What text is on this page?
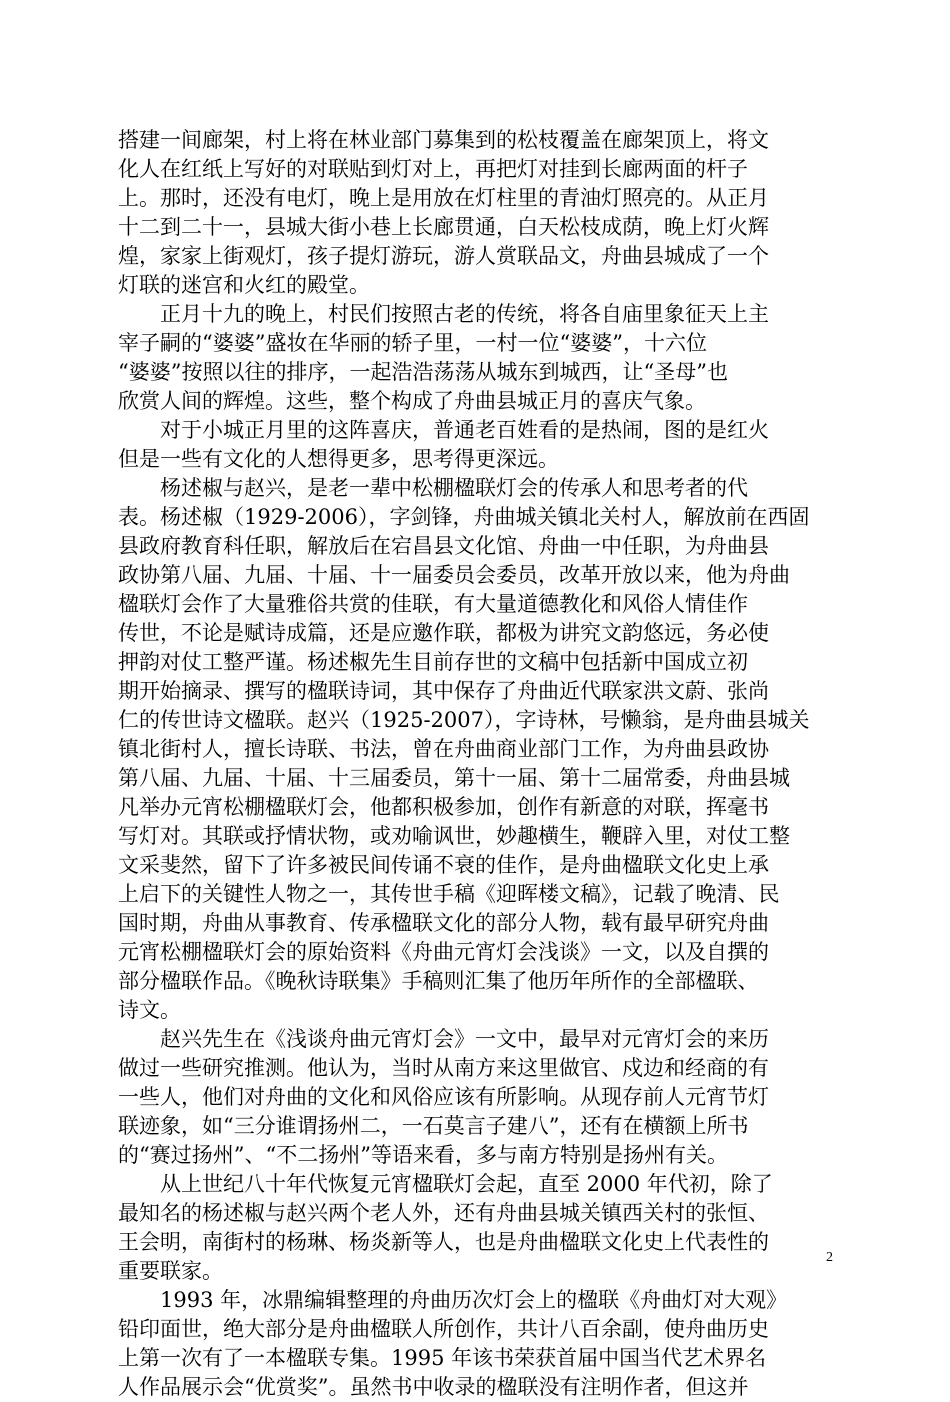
搭建一间廊架，村上将在林业部门募集到的松枝覆盖在廊架顶上，将文
化人在红纸上写好的对联贴到灯对上，再把灯对挂到长廊两面的杆子
上。那时，还没有电灯，晚上是用放在灯柱里的青油灯照亮的。从正月
十二到二十一，县城大街小巷上长廊贯通，白天松枝成荫，晚上灯火辉
煌，家家上街观灯，孩子提灯游玩，游人赏联品文，舟曲县城成了一个
灯联的迷宫和火红的殿堂。
　　正月十九的晚上，村民们按照古老的传统，将各自庙里象征天上主
宰子嗣的“婆婆”盛妆在华丽的轿子里，一村一位“婆婆”，十六位
“婆婆”按照以往的排序，一起浩浩荡荡从城东到城西，让“圣母”也
欣赏人间的辉煌。这些，整个构成了舟曲县城正月的喜庆气象。
　　对于小城正月里的这阵喜庆，普通老百姓看的是热闹，图的是红火
但是一些有文化的人想得更多，思考得更深远。
　　杨述椒与赵兴，是老一辈中松棚楹联灯会的传承人和思考者的代
表。杨述椒（1929-2006），字剑锋，舟曲城关镇北关村人，解放前在西固
县政府教育科任职，解放后在宕昌县文化馆、舟曲一中任职，为舟曲县
政协第八届、九届、十届、十一届委员会委员，改革开放以来，他为舟曲
楹联灯会作了大量雅俗共赏的佳联，有大量道德教化和风俗人情佳作
传世，不论是赋诗成篇，还是应邀作联，都极为讲究文韵悠远，务必使
押韵对仗工整严谨。杨述椒先生目前存世的文稿中包括新中国成立初
期开始摘录、撰写的楹联诗词，其中保存了舟曲近代联家洪文蔚、张尚
仁的传世诗文楹联。赵兴（1925-2007），字诗林，号懒翁，是舟曲县城关
镇北街村人，擅长诗联、书法，曾在舟曲商业部门工作，为舟曲县政协
第八届、九届、十届、十三届委员，第十一届、第十二届常委，舟曲县城
凡举办元宵松棚楹联灯会，他都积极参加，创作有新意的对联，挥毫书
写灯对。其联或抒情状物，或劝喻讽世，妙趣横生，鞭辟入里，对仗工整
文采斐然，留下了许多被民间传诵不衰的佳作，是舟曲楹联文化史上承
上启下的关键性人物之一，其传世手稿《迎晖楼文稿》，记载了晚清、民
国时期，舟曲从事教育、传承楹联文化的部分人物，载有最早研究舟曲
元宵松棚楹联灯会的原始资料《舟曲元宵灯会浅谈》一文，以及自撰的
部分楹联作品。《晚秋诗联集》手稿则汇集了他历年所作的全部楹联、
诗文。
　　赵兴先生在《浅谈舟曲元宵灯会》一文中，最早对元宵灯会的来历
做过一些研究推测。他认为，当时从南方来这里做官、戍边和经商的有
一些人，他们对舟曲的文化和风俗应该有所影响。从现存前人元宵节灯
联迹象，如“三分谁谓扬州二，一石莫言子建八”，还有在横额上所书
的“赛过扬州”、“不二扬州”等语来看，多与南方特别是扬州有关。
　　从上世纪八十年代恢复元宵楹联灯会起，直至 2000 年代初，除了
最知名的杨述椒与赵兴两个老人外，还有舟曲县城关镇西关村的张恒、
王会明，南街村的杨琳、杨炎新等人，也是舟曲楹联文化史上代表性的
重要联家。
　　1993 年，冰鼎编辑整理的舟曲历次灯会上的楹联《舟曲灯对大观》
铅印面世，绝大部分是舟曲楹联人所创作，共计八百余副，使舟曲历史
上第一次有了一本楹联专集。1995 年该书荣获首届中国当代艺术界名
人作品展示会“优赏奖”。虽然书中收录的楹联没有注明作者，但这并
2
